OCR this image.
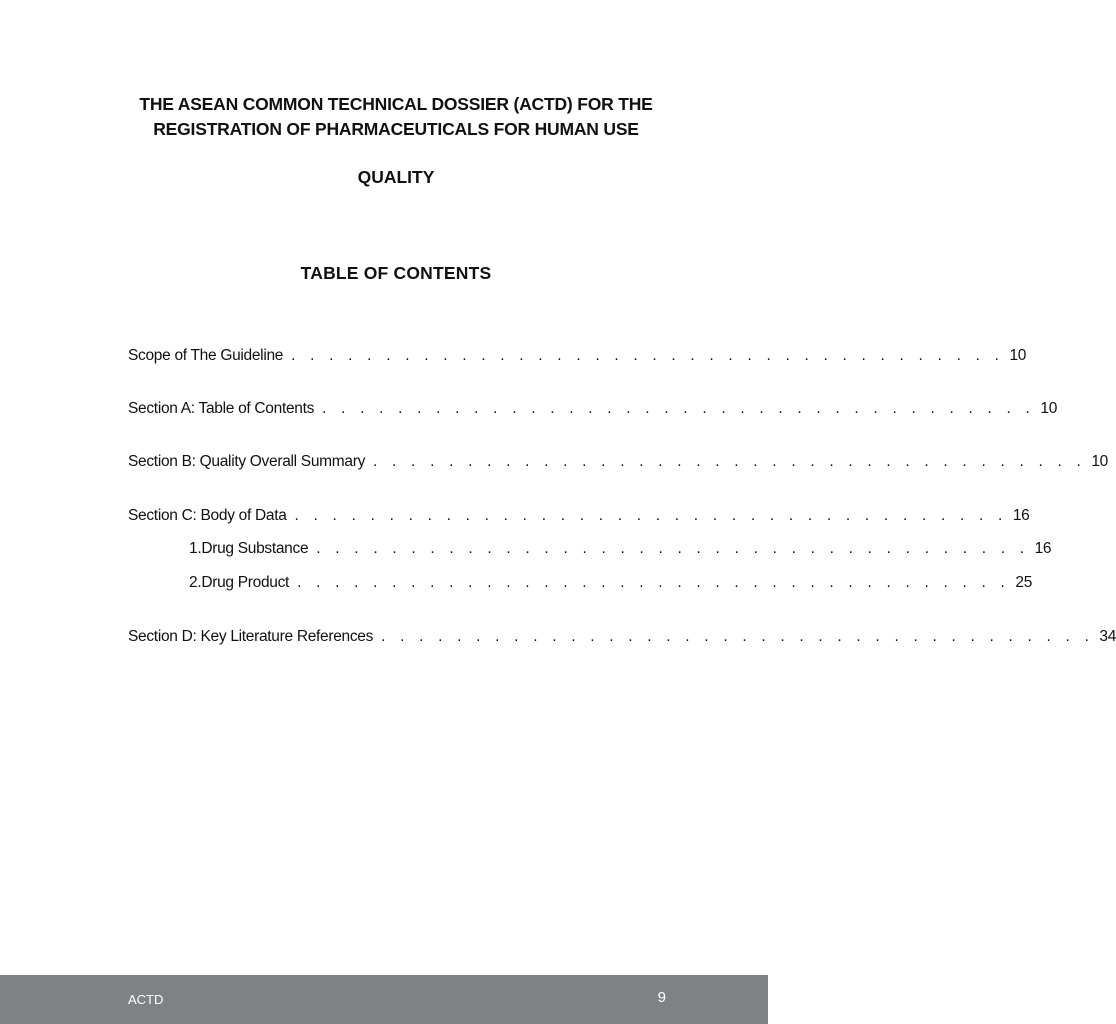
THE ASEAN COMMON TECHNICAL DOSSIER (ACTD) FOR THE
REGISTRATION OF PHARMACEUTICALS FOR HUMAN USE
QUALITY
TABLE OF CONTENTS
Scope of The Guideline . . . . . . . . . . . . . . . . . . . . . . . . . . . . . . . . . . . . . . 10
Section A: Table of Contents . . . . . . . . . . . . . . . . . . . . . . . . . . . . . . . . . . . . . . 10
Section B: Quality Overall Summary . . . . . . . . . . . . . . . . . . . . . . . . . . . . . . . . . . . . . . 10
Section C: Body of Data . . . . . . . . . . . . . . . . . . . . . . . . . . . . . . . . . . . . . . 16
1. Drug Substance . . . . . . . . . . . . . . . . . . . . . . . . . . . . . . . . . . . . . . 16
2. Drug Product . . . . . . . . . . . . . . . . . . . . . . . . . . . . . . . . . . . . . . 25
Section D: Key Literature References . . . . . . . . . . . . . . . . . . . . . . . . . . . . . . . . . . . . . . 34
ACTD	9
